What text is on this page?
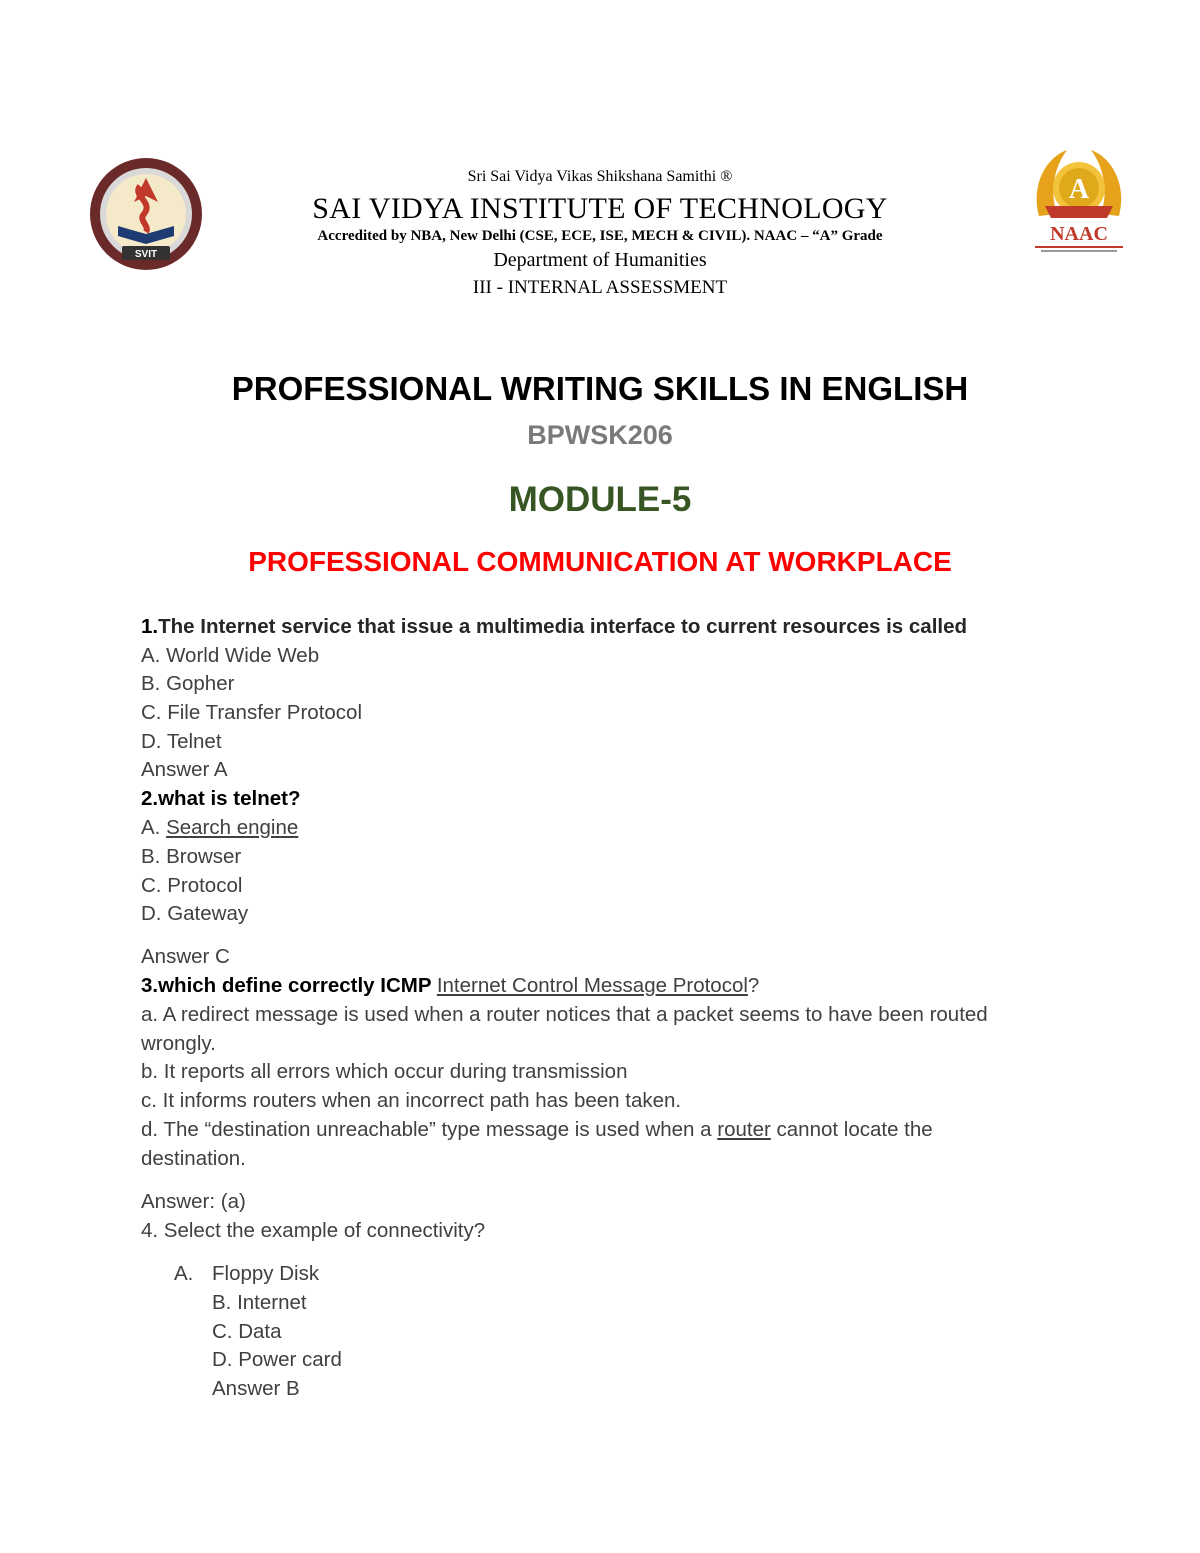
SVIT
A
NAAC
Sri Sai Vidya Vikas Shikshana Samithi ®
SAI VIDYA INSTITUTE OF TECHNOLOGY
Accredited by NBA, New Delhi (CSE, ECE, ISE, MECH & CIVIL). NAAC – “A” Grade
Department of Humanities
III - INTERNAL ASSESSMENT
PROFESSIONAL WRITING SKILLS IN ENGLISH
BPWSK206
MODULE-5
PROFESSIONAL COMMUNICATION AT WORKPLACE
1.The Internet service that issue a multimedia interface to current resources is called
A. World Wide Web
B. Gopher
C. File Transfer Protocol
D. Telnet
Answer A
2.what is telnet?
A. Search engine
B. Browser
C. Protocol
D. Gateway
Answer C
3.which define correctly ICMP Internet Control Message Protocol?
a. A redirect message is used when a router notices that a packet seems to have been routed
wrongly.
b. It reports all errors which occur during transmission
c. It informs routers when an incorrect path has been taken.
d. The “destination unreachable” type message is used when a router cannot locate the
destination.
Answer: (a)
4. Select the example of connectivity?
A. Floppy Disk
B. Internet
C. Data
D. Power card
Answer B
